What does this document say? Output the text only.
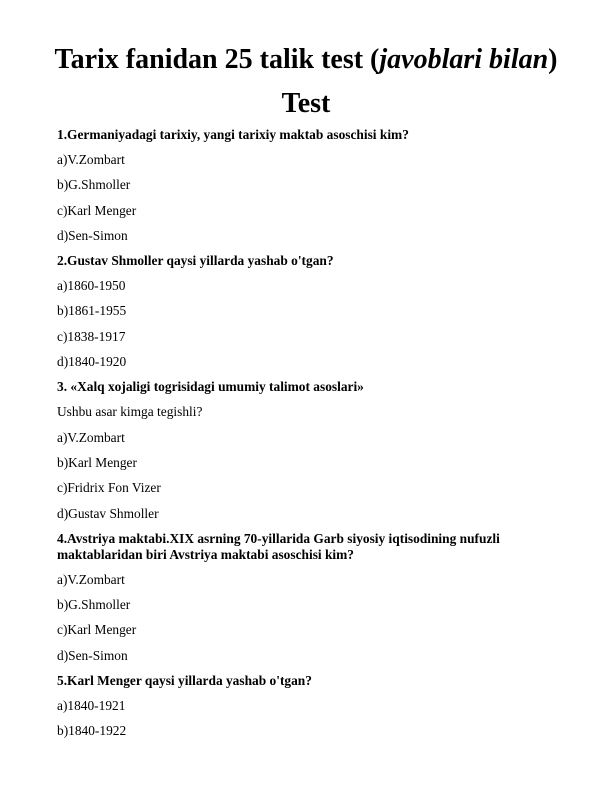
Tarix fanidan 25 talik test (javoblari bilan)
Test

1.Germaniyadagi tarixiy, yangi tarixiy maktab asoschisi kim?

a)V.Zombart

b)G.Shmoller

c)Karl Menger

d)Sen-Simon

2.Gustav Shmoller qaysi yillarda yashab o'tgan?

a)1860-1950

b)1861-1955

c)1838-1917

d)1840-1920

3. «Xalq xojaligi togrisidagi umumiy talimot asoslari»

Ushbu asar kimga tegishli?

a)V.Zombart

b)Karl Menger

c)Fridrix Fon Vizer

d)Gustav Shmoller

4.Avstriya maktabi.XIX asrning 70-yillarida Garb siyosiy iqtisodining nufuzli maktablaridan biri Avstriya maktabi asoschisi kim?

a)V.Zombart

b)G.Shmoller

c)Karl Menger

d)Sen-Simon

5.Karl Menger qaysi yillarda yashab o'tgan?

a)1840-1921

b)1840-1922
